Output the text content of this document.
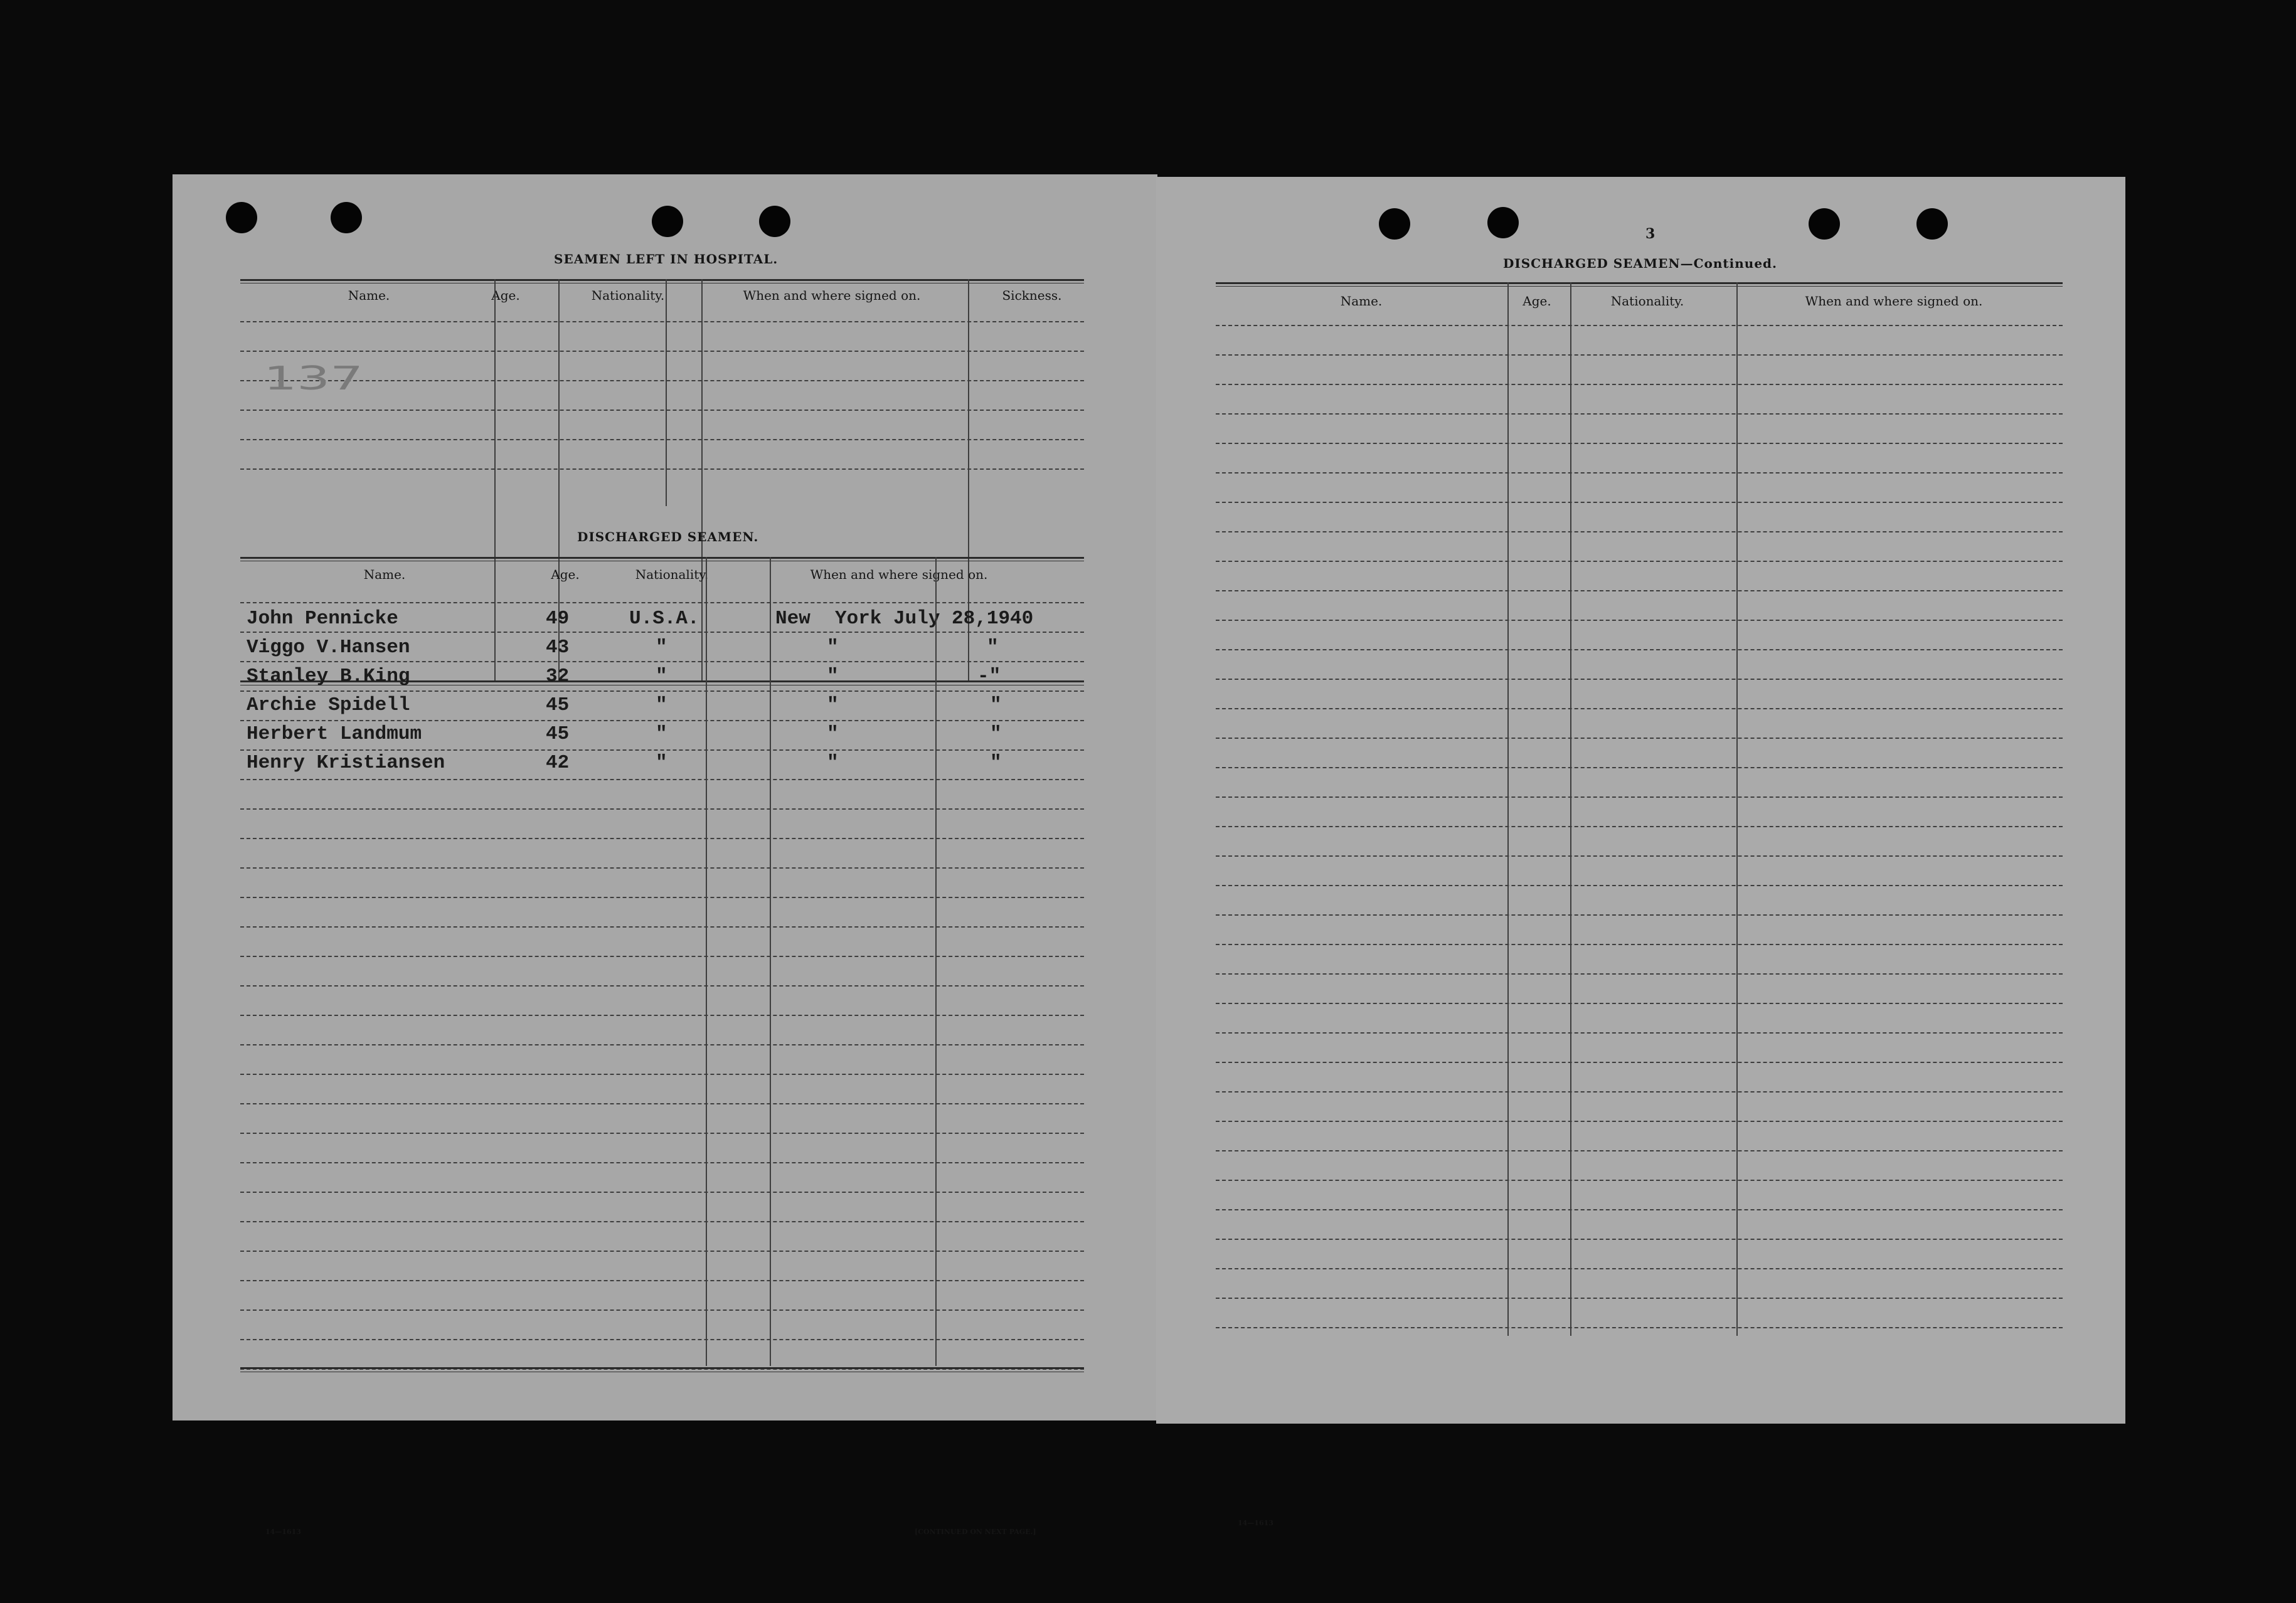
SEAMEN LEFT IN HOSPITAL.
Name.	Age.	Nationality.	When and where signed on.	Sickness.
137
DISCHARGED SEAMEN.
Name.	Age.	Nationality.	When and where signed on.
John Pennicke	49	U.S.A.	New York July 28,1940
Viggo V.Hansen	43	"	"	"
Stanley B.King	32	"	"	-"
Archie Spidell	45	"	"	"
Herbert Landmum	45	"	"	"
Henry Kristiansen	42	"	"	"
14—1613	[CONTINUED ON NEXT PAGE.]
3
DISCHARGED SEAMEN—Continued.
Name.	Age.	Nationality.	When and where signed on.
14—1613
